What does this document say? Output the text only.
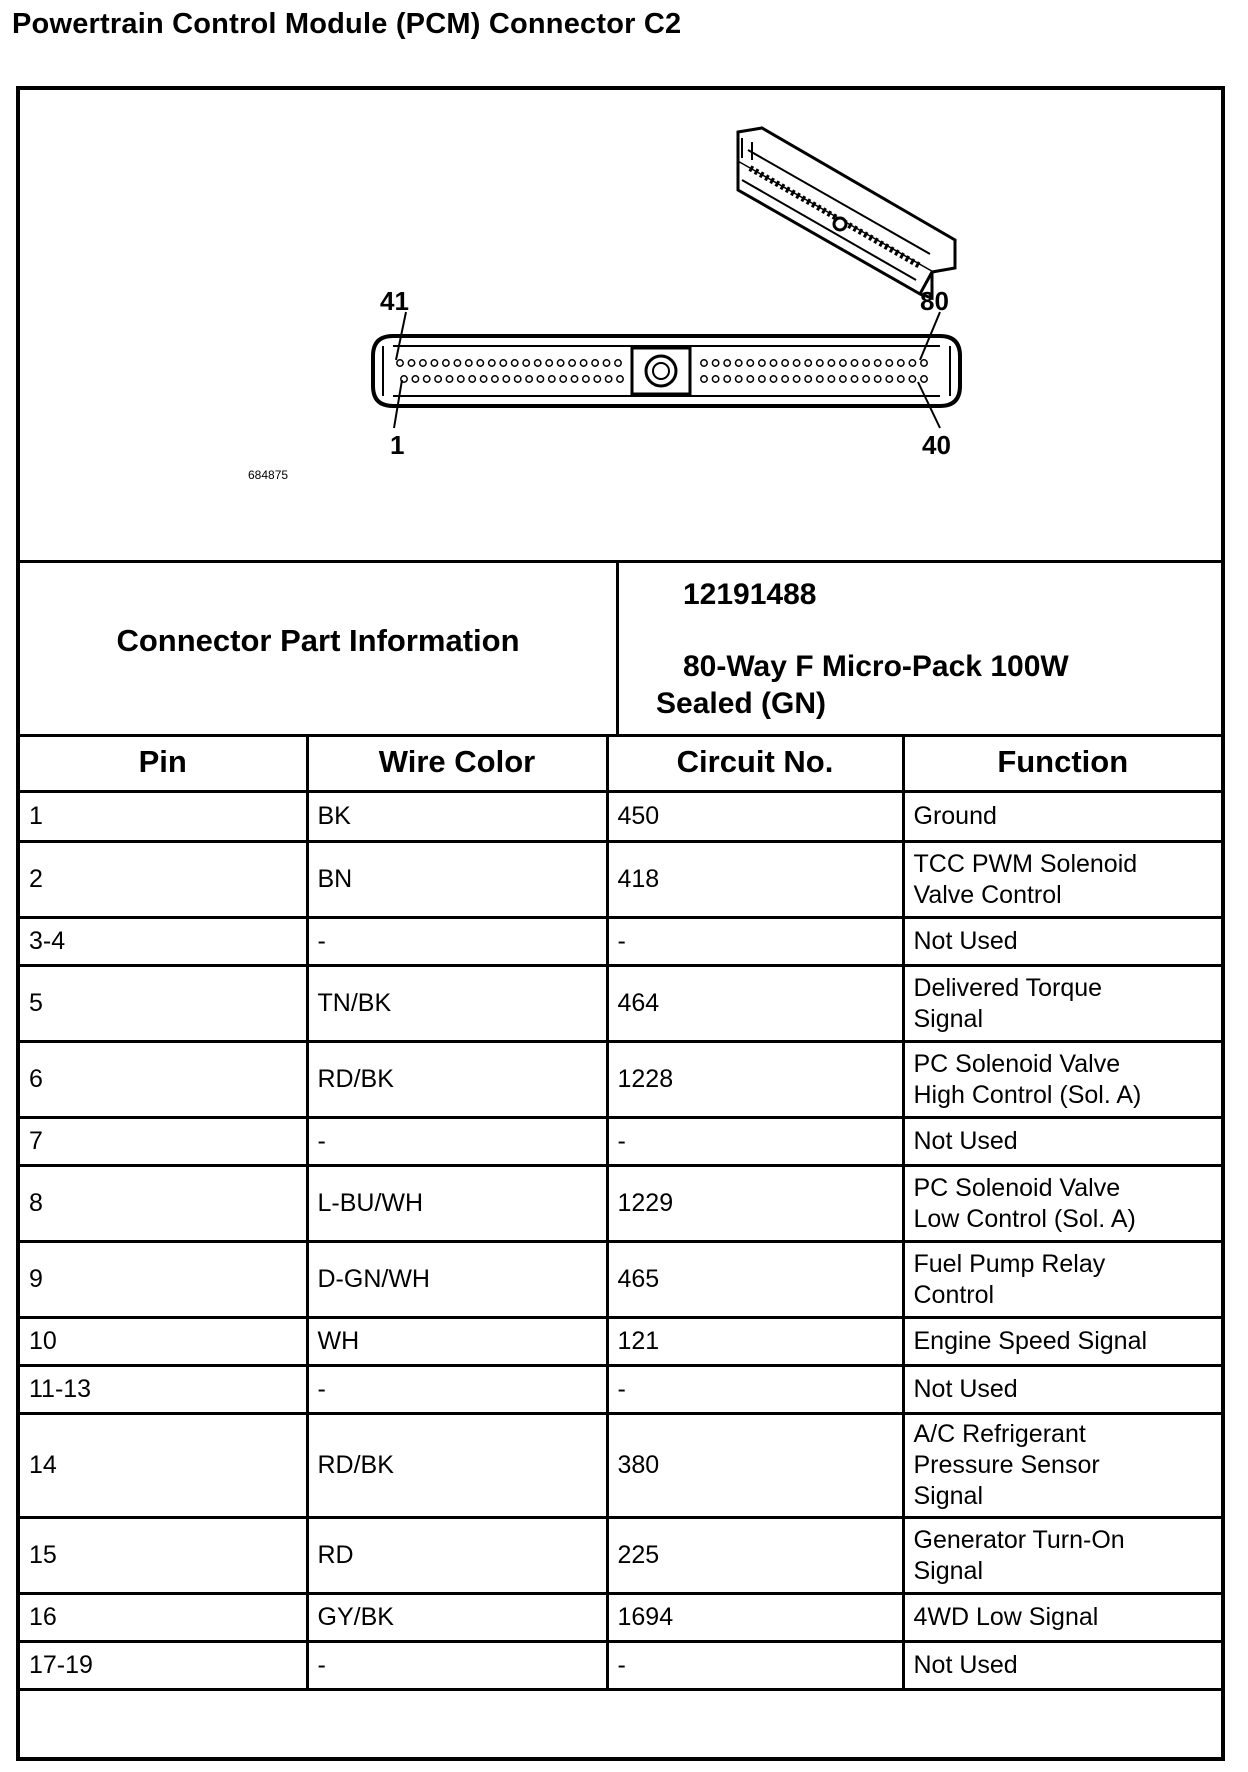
Powertrain Control Module (PCM) Connector C2
41	80
1	40
684875
Connector Part Information
12191488
80-Way F Micro-Pack 100W
Sealed (GN)
Pin	Wire Color	Circuit No.	Function
1	BK	450	Ground
2	BN	418	TCC PWM Solenoid
Valve Control
3-4	-	-	Not Used
5	TN/BK	464	Delivered Torque
Signal
6	RD/BK	1228	PC Solenoid Valve
High Control (Sol. A)
7	-	-	Not Used
8	L-BU/WH	1229	PC Solenoid Valve
Low Control (Sol. A)
9	D-GN/WH	465	Fuel Pump Relay
Control
10	WH	121	Engine Speed Signal
11-13	-	-	Not Used
14	RD/BK	380	A/C Refrigerant
Pressure Sensor
Signal
15	RD	225	Generator Turn-On
Signal
16	GY/BK	1694	4WD Low Signal
17-19	-	-	Not Used
